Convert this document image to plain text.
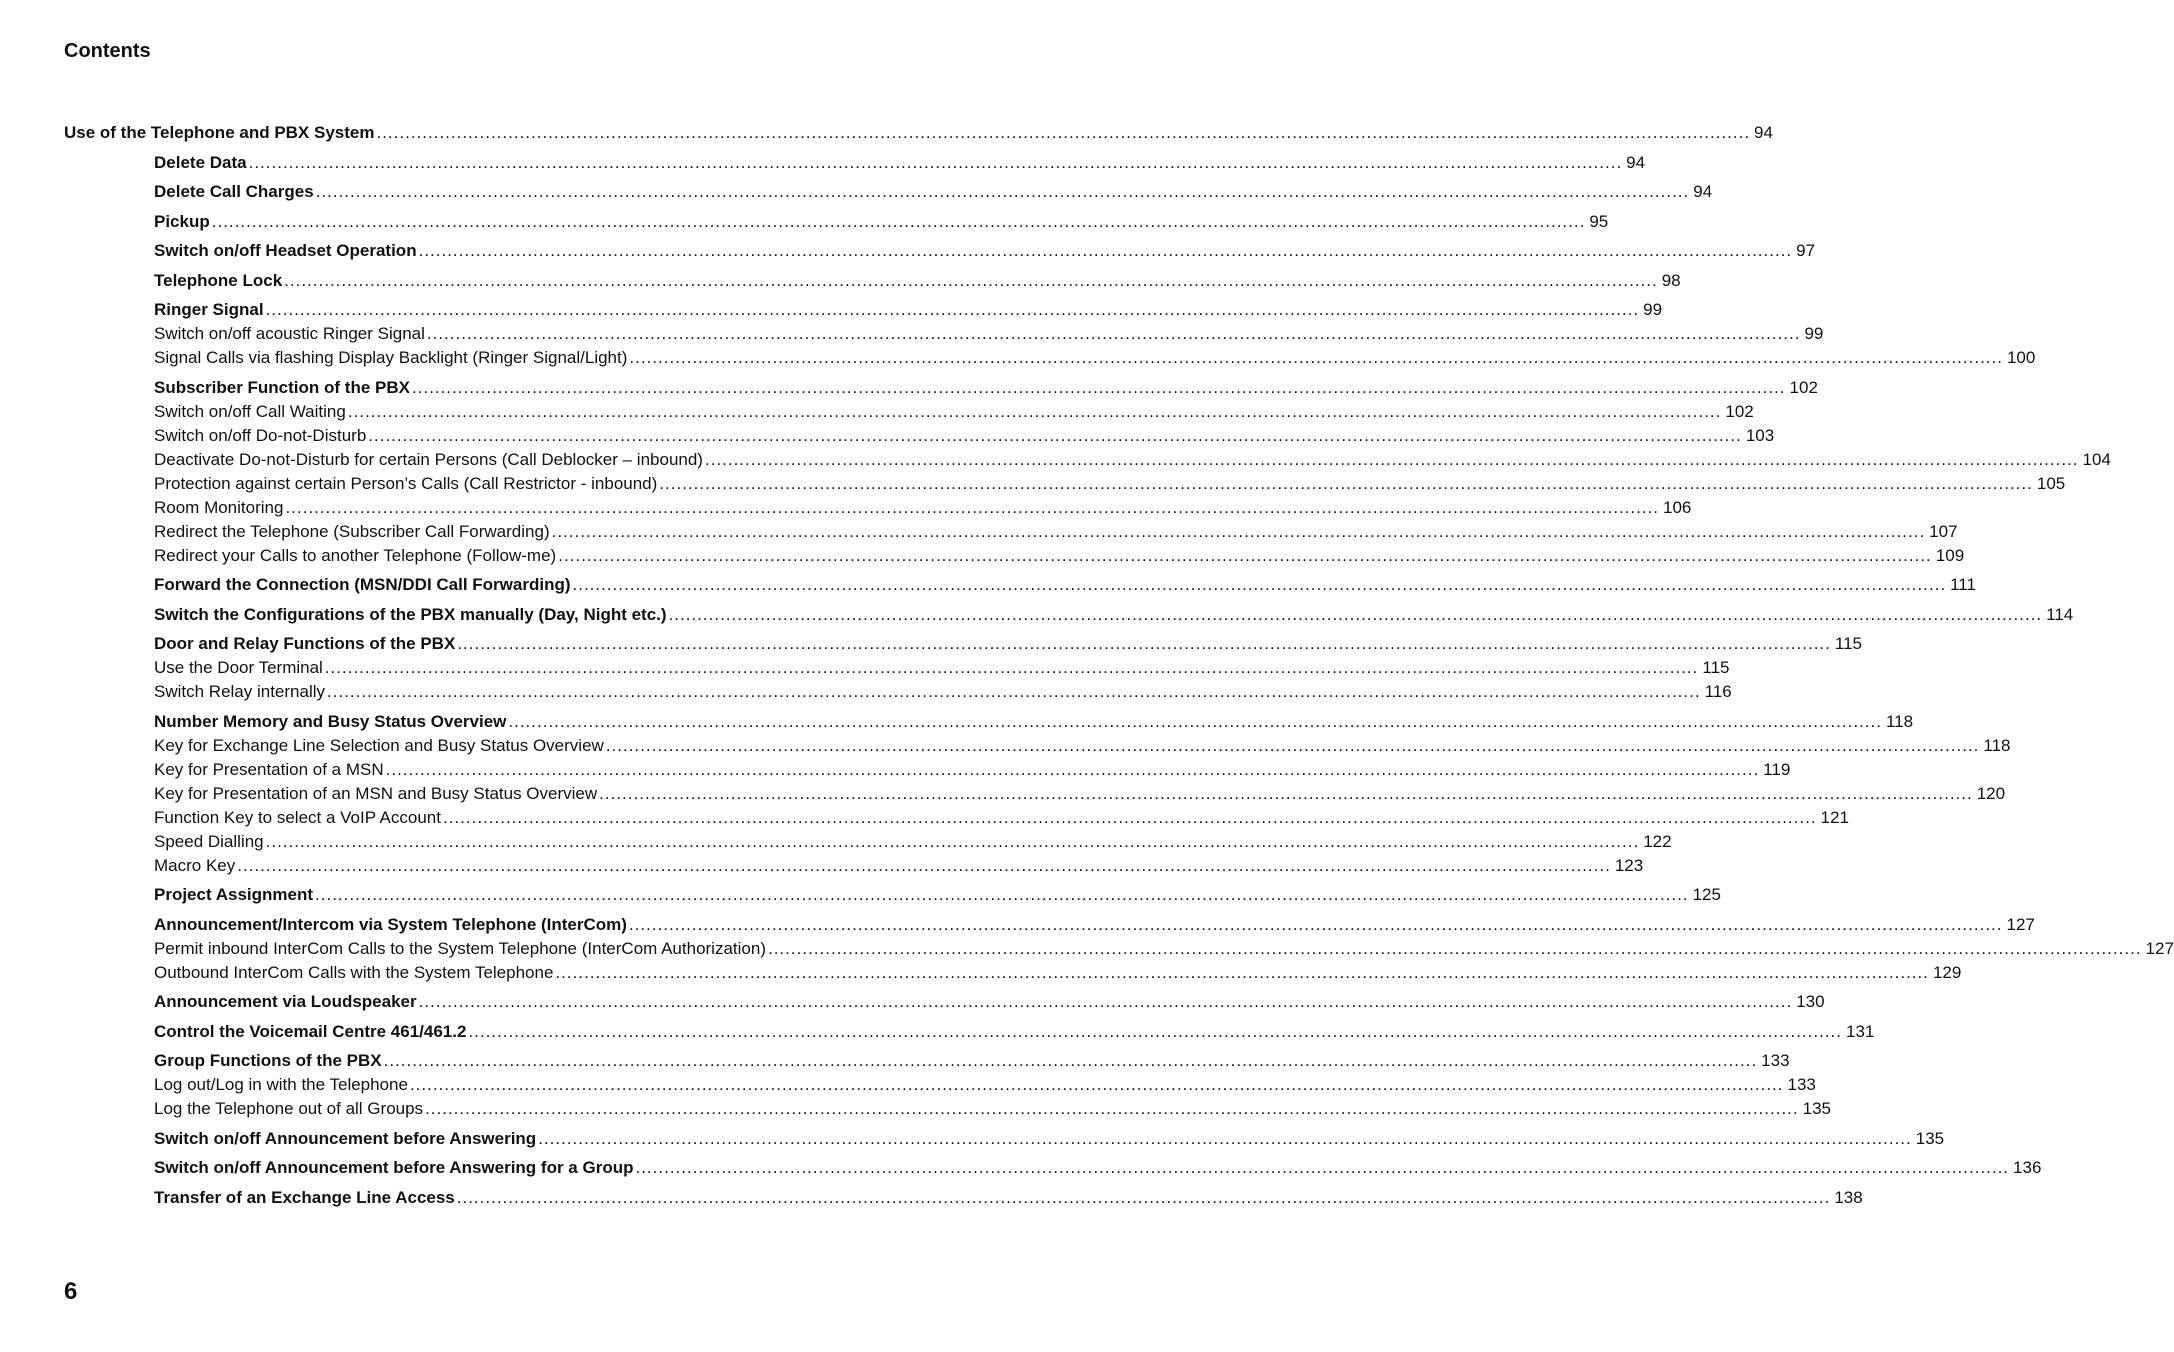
Contents
Use of the Telephone and PBX System .....	94
Delete Data .....	94
Delete Call Charges .....	94
Pickup .....	95
Switch on/off Headset Operation .....	97
Telephone Lock .....	98
Ringer Signal .....	99
Switch on/off acoustic Ringer Signal .....	99
Signal Calls via flashing Display Backlight (Ringer Signal/Light) .....	100
Subscriber Function of the PBX .....	102
Switch on/off Call Waiting .....	102
Switch on/off Do-not-Disturb .....	103
Deactivate Do-not-Disturb for certain Persons (Call Deblocker – inbound) .....	104
Protection against certain Person’s Calls (Call Restrictor - inbound) .....	105
Room Monitoring .....	106
Redirect the Telephone (Subscriber Call Forwarding) .....	107
Redirect your Calls to another Telephone (Follow-me) .....	109
Forward the Connection (MSN/DDI Call Forwarding) .....	111
Switch the Configurations of the PBX manually (Day, Night etc.) .....	114
Door and Relay Functions of the PBX .....	115
Use the Door Terminal .....	115
Switch Relay internally .....	116
Number Memory and Busy Status Overview .....	118
Key for Exchange Line Selection and Busy Status Overview .....	118
Key for Presentation of a MSN .....	119
Key for Presentation of an MSN and Busy Status Overview .....	120
Function Key to select a VoIP Account .....	121
Speed Dialling .....	122
Macro Key .....	123
Project Assignment .....	125
Announcement/Intercom via System Telephone (InterCom) .....	127
Permit inbound InterCom Calls to the System Telephone (InterCom Authorization) .....	127
Outbound InterCom Calls with the System Telephone .....	129
Announcement via Loudspeaker .....	130
Control the Voicemail Centre 461/461.2 .....	131
Group Functions of the PBX .....	133
Log out/Log in with the Telephone .....	133
Log the Telephone out of all Groups .....	135
Switch on/off Announcement before Answering .....	135
Switch on/off Announcement before Answering for a Group .....	136
Transfer of an Exchange Line Access .....	138
6
